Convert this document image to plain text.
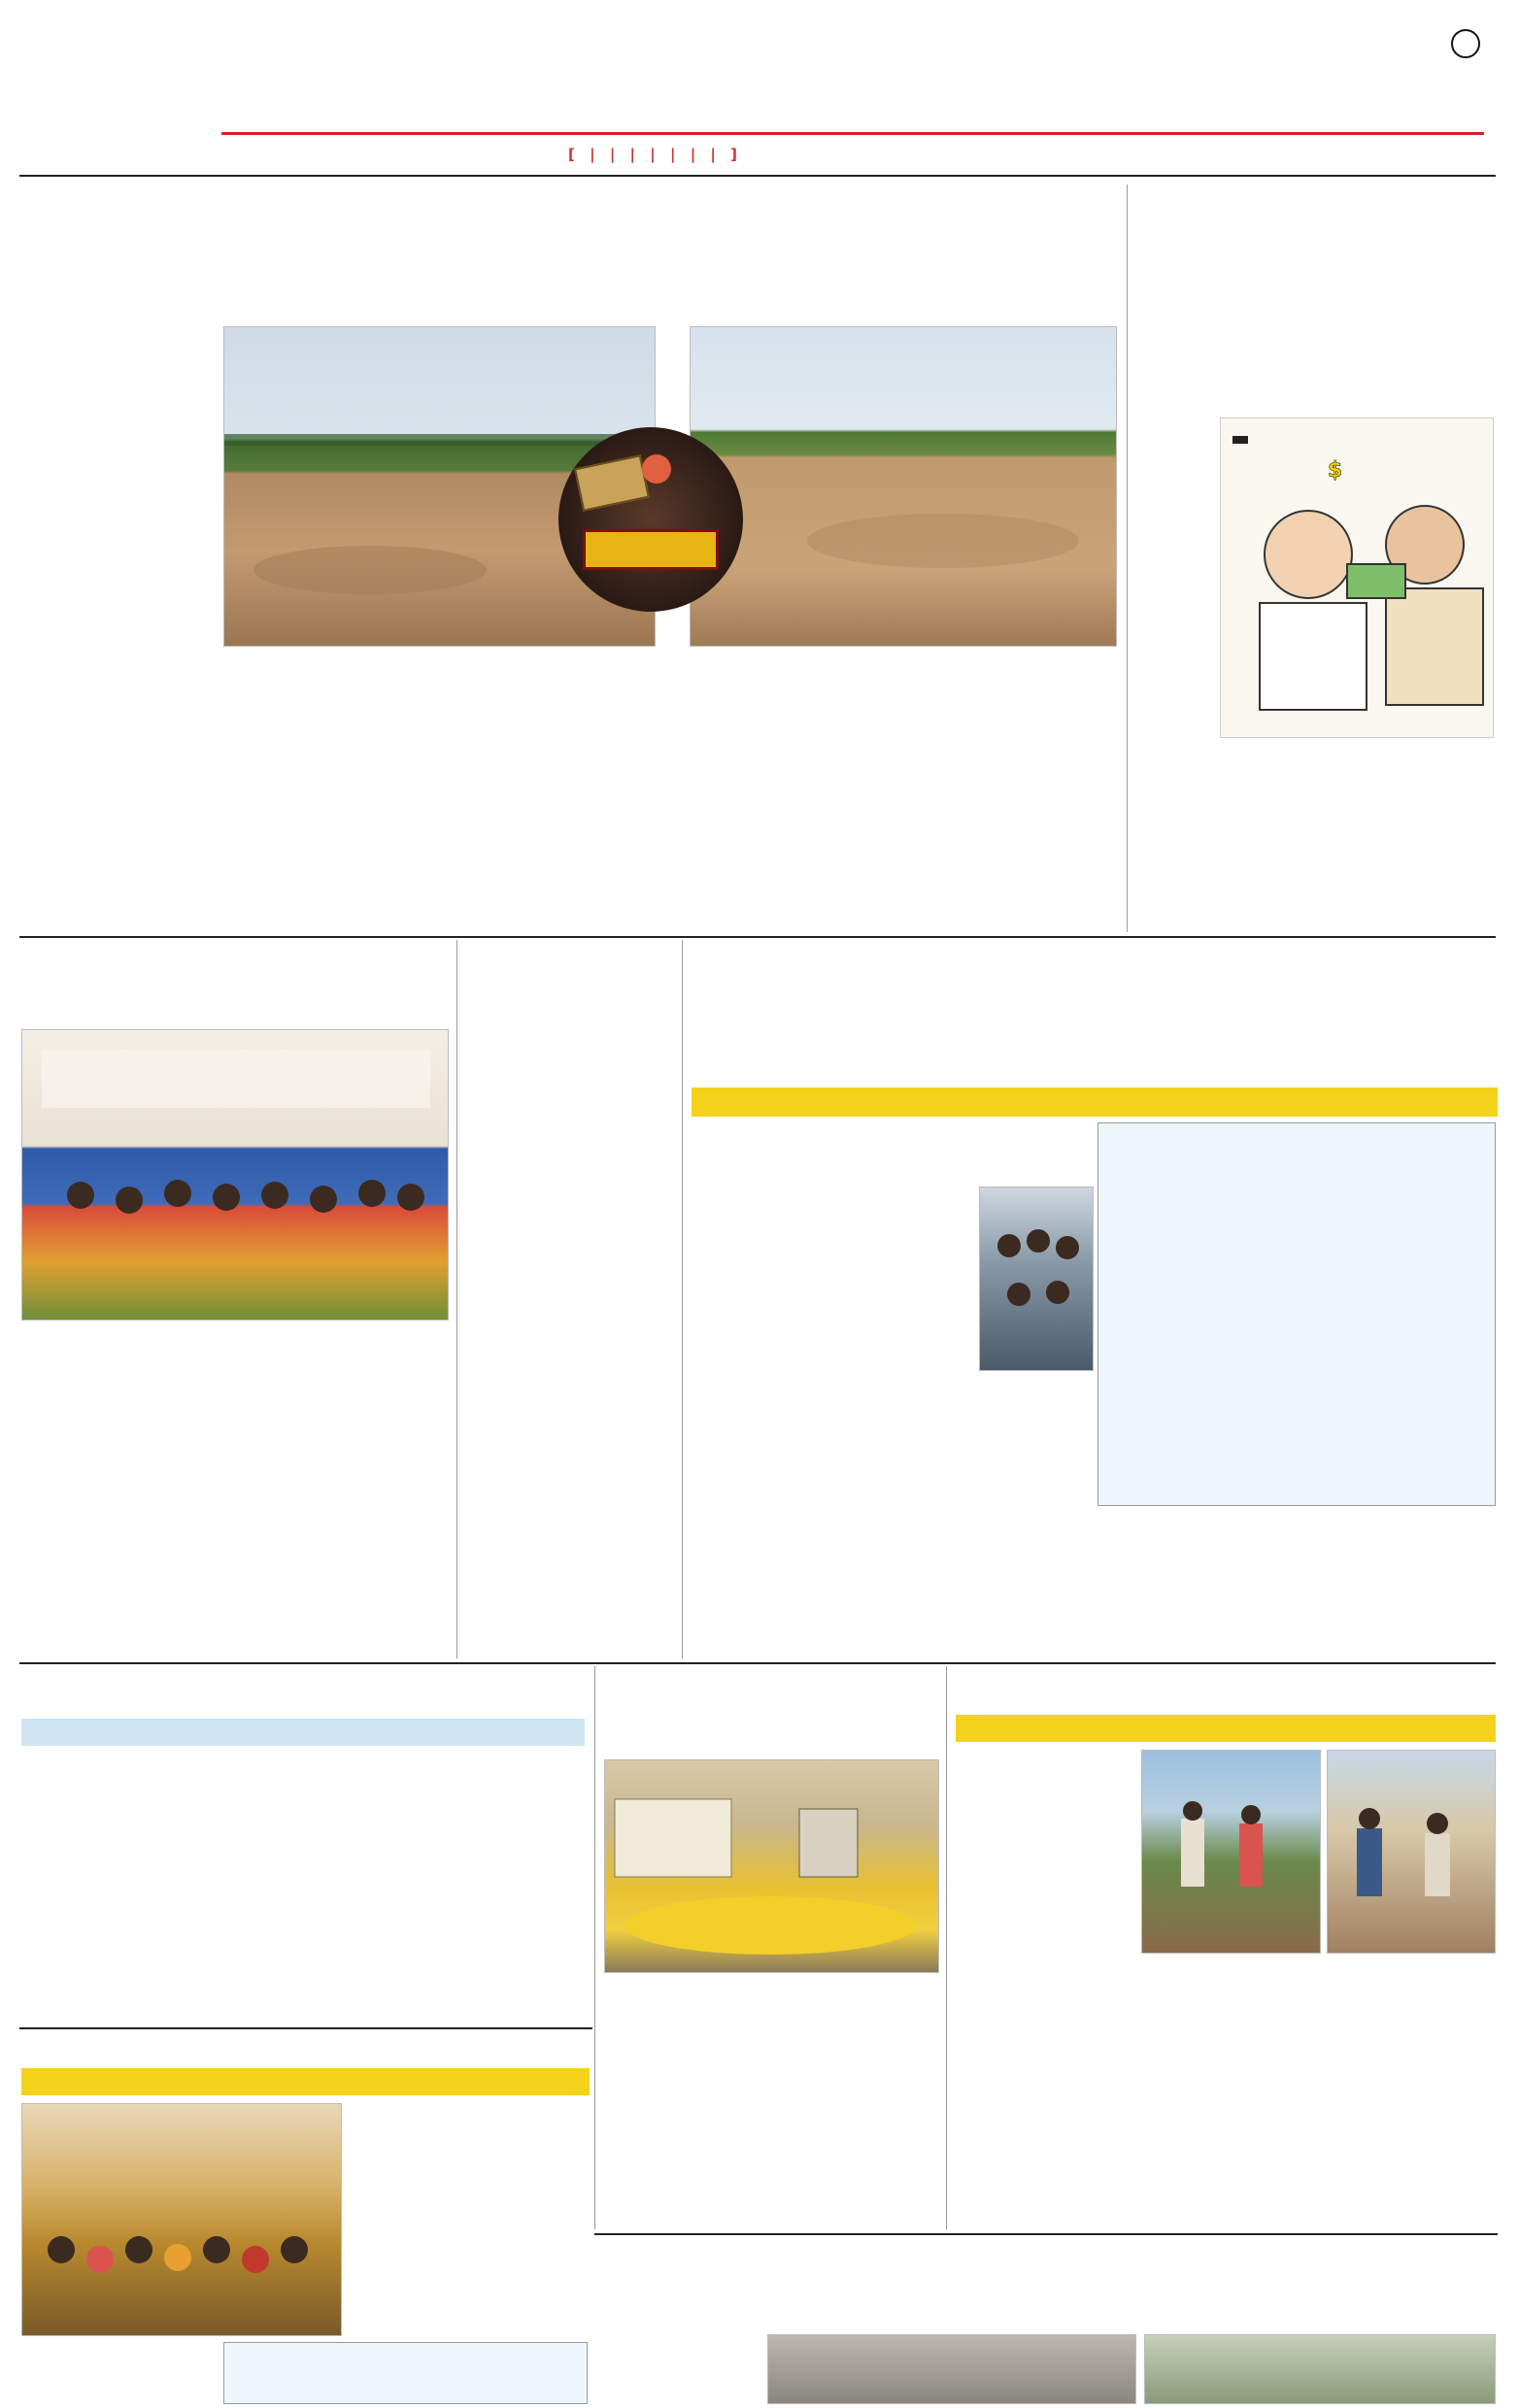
[ | | | | | | | ]
$
